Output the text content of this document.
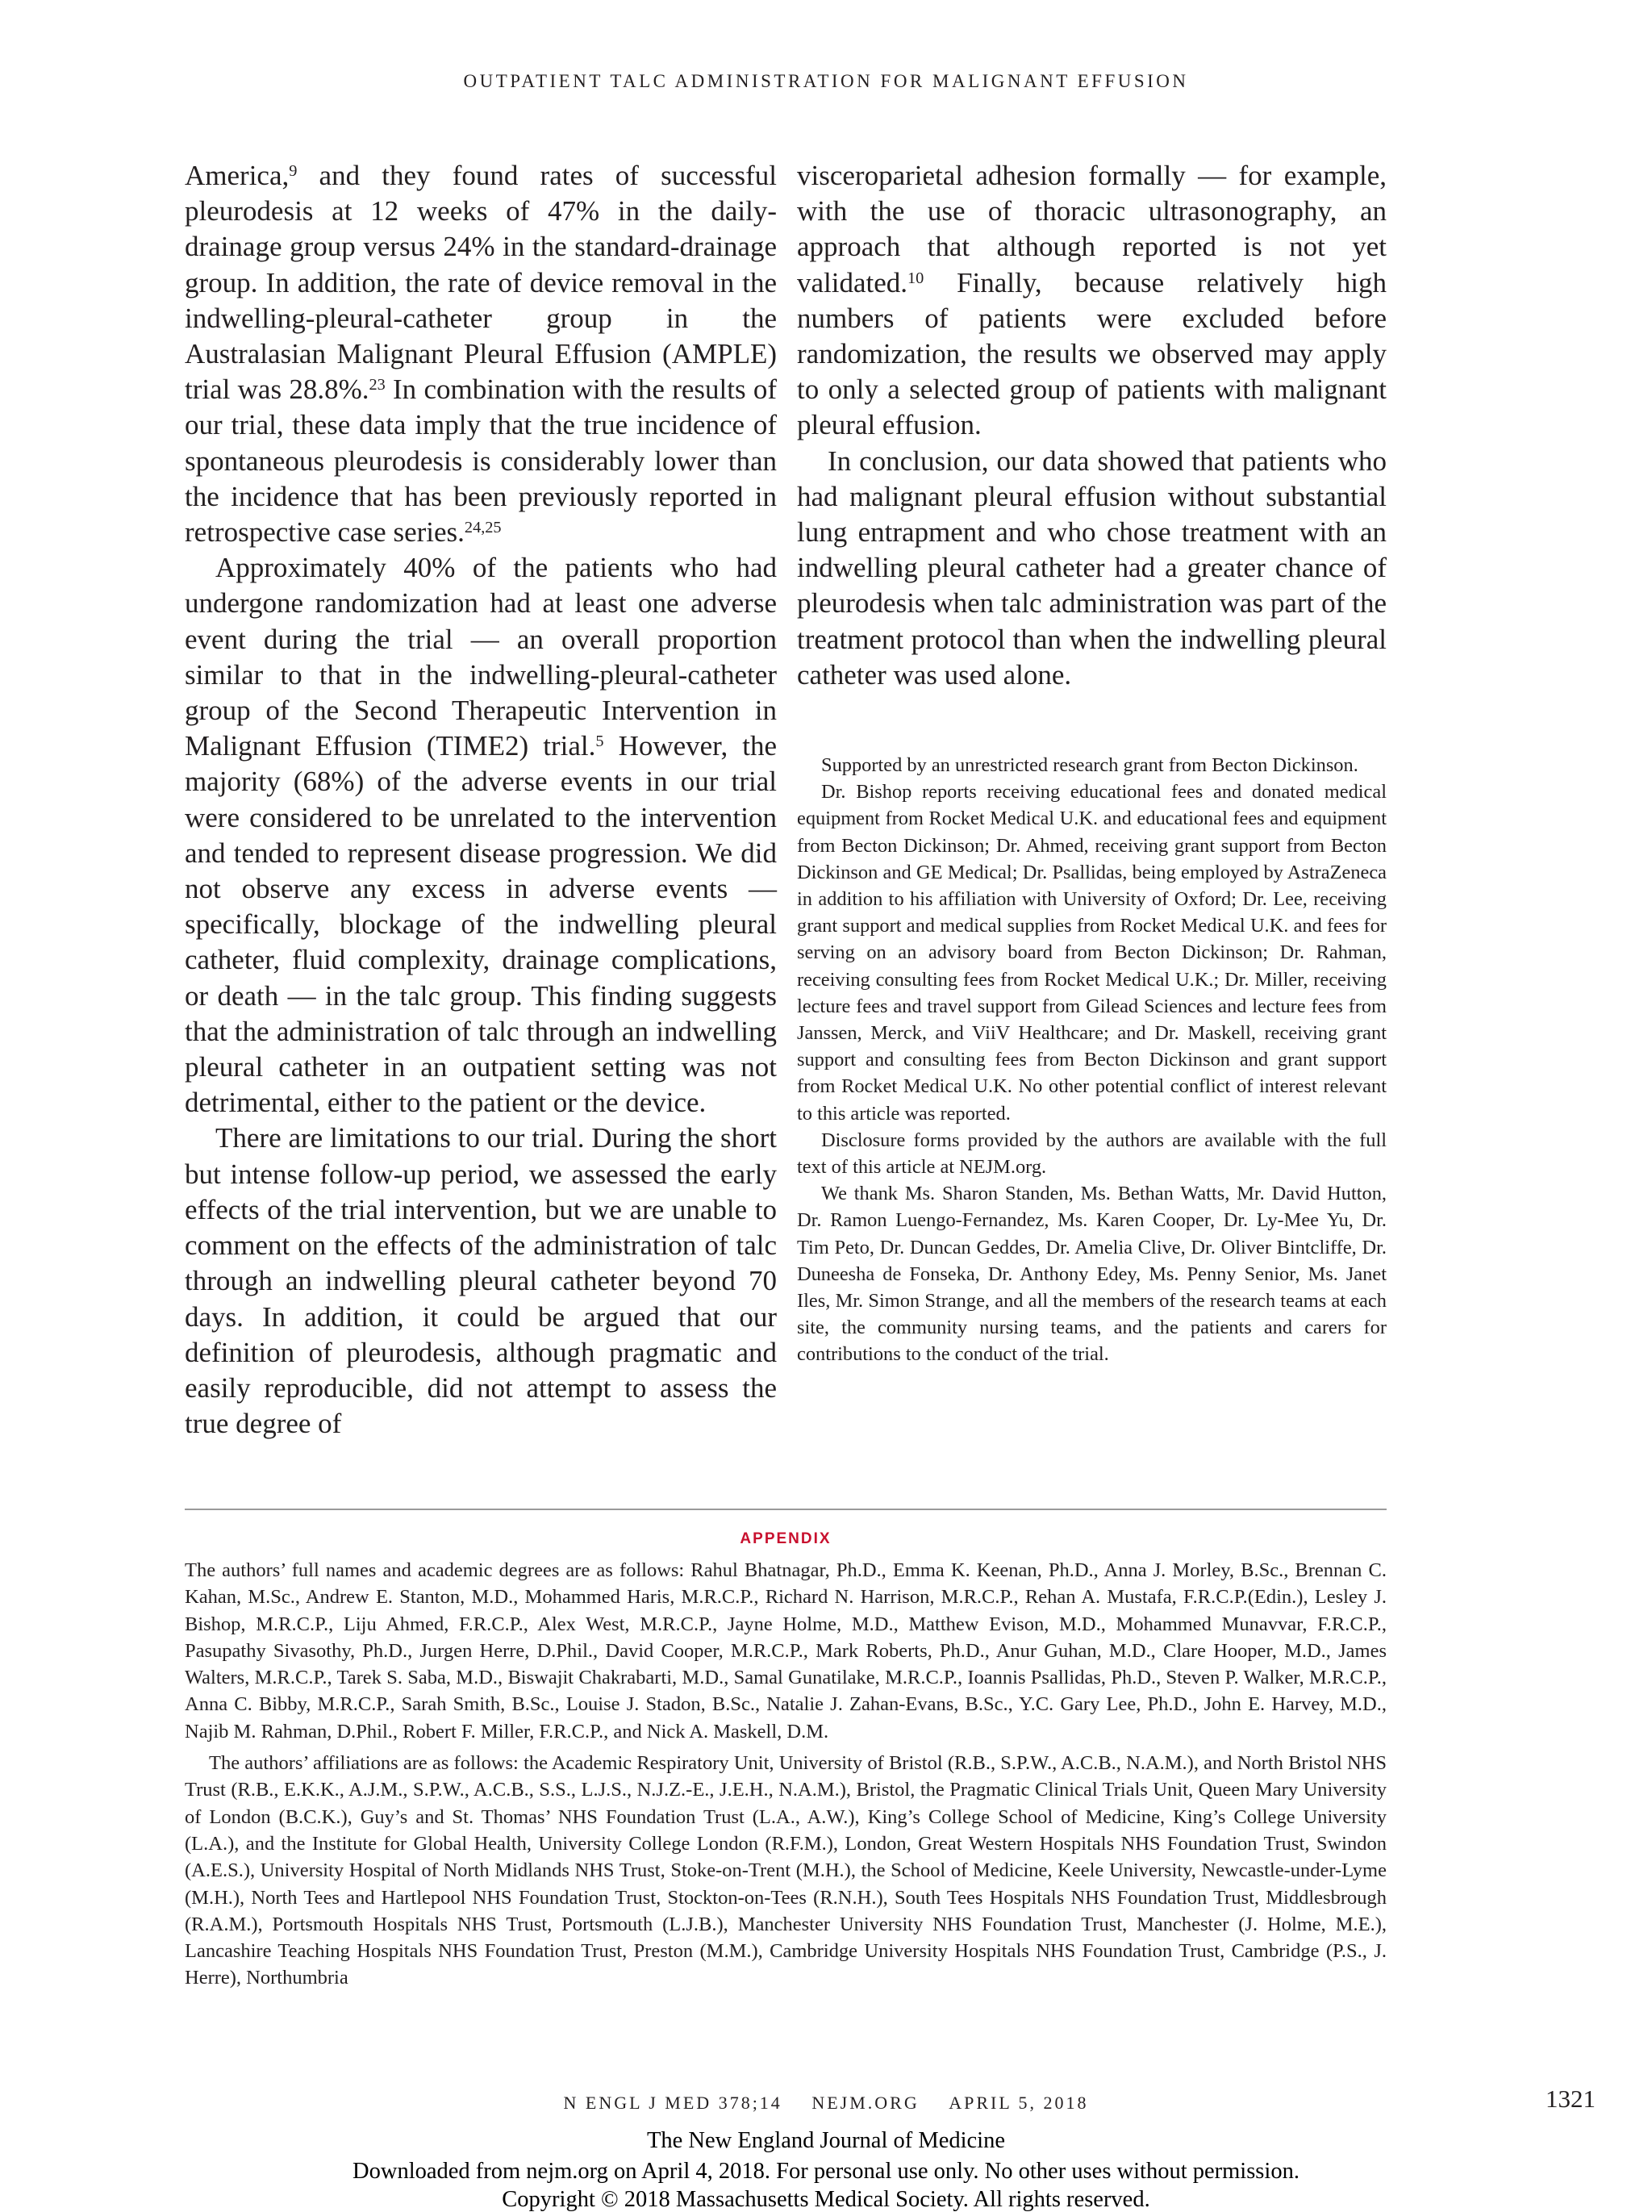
OUTPATIENT TALC ADMINISTRATION FOR MALIGNANT EFFUSION

America,$^9$ and they found rates of successful pleurodesis at 12 weeks of 47% in the daily-drainage group versus 24% in the standard-drainage group. In addition, the rate of device removal in the indwelling-pleural-catheter group in the Australasian Malignant Pleural Effusion (AMPLE) trial was 28.8%.$^{23}$ In combination with the results of our trial, these data imply that the true incidence of spontaneous pleurodesis is considerably lower than the incidence that has been previously reported in retrospective case series.$^{24,25}$

Approximately 40% of the patients who had undergone randomization had at least one adverse event during the trial — an overall proportion similar to that in the indwelling-pleural-catheter group of the Second Therapeutic Intervention in Malignant Effusion (TIME2) trial.$^5$ However, the majority (68%) of the adverse events in our trial were considered to be unrelated to the intervention and tended to represent disease progression. We did not observe any excess in adverse events — specifically, blockage of the indwelling pleural catheter, fluid complexity, drainage complications, or death — in the talc group. This finding suggests that the administration of talc through an indwelling pleural catheter in an outpatient setting was not detrimental, either to the patient or the device.

There are limitations to our trial. During the short but intense follow-up period, we assessed the early effects of the trial intervention, but we are unable to comment on the effects of the administration of talc through an indwelling pleural catheter beyond 70 days. In addition, it could be argued that our definition of pleurodesis, although pragmatic and easily reproducible, did not attempt to assess the true degree of

visceroparietal adhesion formally — for example, with the use of thoracic ultrasonography, an approach that although reported is not yet validated.$^{10}$ Finally, because relatively high numbers of patients were excluded before randomization, the results we observed may apply to only a selected group of patients with malignant pleural effusion.

In conclusion, our data showed that patients who had malignant pleural effusion without substantial lung entrapment and who chose treatment with an indwelling pleural catheter had a greater chance of pleurodesis when talc administration was part of the treatment protocol than when the indwelling pleural catheter was used alone.

Supported by an unrestricted research grant from Becton Dickinson.

Dr. Bishop reports receiving educational fees and donated medical equipment from Rocket Medical U.K. and educational fees and equipment from Becton Dickinson; Dr. Ahmed, receiving grant support from Becton Dickinson and GE Medical; Dr. Psallidas, being employed by AstraZeneca in addition to his affiliation with University of Oxford; Dr. Lee, receiving grant support and medical supplies from Rocket Medical U.K. and fees for serving on an advisory board from Becton Dickinson; Dr. Rahman, receiving consulting fees from Rocket Medical U.K.; Dr. Miller, receiving lecture fees and travel support from Gilead Sciences and lecture fees from Janssen, Merck, and ViiV Healthcare; and Dr. Maskell, receiving grant support and consulting fees from Becton Dickinson and grant support from Rocket Medical U.K. No other potential conflict of interest relevant to this article was reported.

Disclosure forms provided by the authors are available with the full text of this article at NEJM.org.

We thank Ms. Sharon Standen, Ms. Bethan Watts, Mr. David Hutton, Dr. Ramon Luengo-Fernandez, Ms. Karen Cooper, Dr. Ly-Mee Yu, Dr. Tim Peto, Dr. Duncan Geddes, Dr. Amelia Clive, Dr. Oliver Bintcliffe, Dr. Duneesha de Fonseka, Dr. Anthony Edey, Ms. Penny Senior, Ms. Janet Iles, Mr. Simon Strange, and all the members of the research teams at each site, the community nursing teams, and the patients and carers for contributions to the conduct of the trial.

APPENDIX

The authors’ full names and academic degrees are as follows: Rahul Bhatnagar, Ph.D., Emma K. Keenan, Ph.D., Anna J. Morley, B.Sc., Brennan C. Kahan, M.Sc., Andrew E. Stanton, M.D., Mohammed Haris, M.R.C.P., Richard N. Harrison, M.R.C.P., Rehan A. Mustafa, F.R.C.P.(Edin.), Lesley J. Bishop, M.R.C.P., Liju Ahmed, F.R.C.P., Alex West, M.R.C.P., Jayne Holme, M.D., Matthew Evison, M.D., Mohammed Munavvar, F.R.C.P., Pasupathy Sivasothy, Ph.D., Jurgen Herre, D.Phil., David Cooper, M.R.C.P., Mark Roberts, Ph.D., Anur Guhan, M.D., Clare Hooper, M.D., James Walters, M.R.C.P., Tarek S. Saba, M.D., Biswajit Chakrabarti, M.D., Samal Gunatilake, M.R.C.P., Ioannis Psallidas, Ph.D., Steven P. Walker, M.R.C.P., Anna C. Bibby, M.R.C.P., Sarah Smith, B.Sc., Louise J. Stadon, B.Sc., Natalie J. Zahan-Evans, B.Sc., Y.C. Gary Lee, Ph.D., John E. Harvey, M.D., Najib M. Rahman, D.Phil., Robert F. Miller, F.R.C.P., and Nick A. Maskell, D.M.

The authors’ affiliations are as follows: the Academic Respiratory Unit, University of Bristol (R.B., S.P.W., A.C.B., N.A.M.), and North Bristol NHS Trust (R.B., E.K.K., A.J.M., S.P.W., A.C.B., S.S., L.J.S., N.J.Z.-E., J.E.H., N.A.M.), Bristol, the Pragmatic Clinical Trials Unit, Queen Mary University of London (B.C.K.), Guy’s and St. Thomas’ NHS Foundation Trust (L.A., A.W.), King’s College School of Medicine, King’s College University (L.A.), and the Institute for Global Health, University College London (R.F.M.), London, Great Western Hospitals NHS Foundation Trust, Swindon (A.E.S.), University Hospital of North Midlands NHS Trust, Stoke-on-Trent (M.H.), the School of Medicine, Keele University, Newcastle-under-Lyme (M.H.), North Tees and Hartlepool NHS Foundation Trust, Stockton-on-Tees (R.N.H.), South Tees Hospitals NHS Foundation Trust, Middlesbrough (R.A.M.), Portsmouth Hospitals NHS Trust, Portsmouth (L.J.B.), Manchester University NHS Foundation Trust, Manchester (J. Holme, M.E.), Lancashire Teaching Hospitals NHS Foundation Trust, Preston (M.M.), Cambridge University Hospitals NHS Foundation Trust, Cambridge (P.S., J. Herre), Northumbria

N ENGL J MED 378;14 NEJM.ORG APRIL 5, 2018	1321
The New England Journal of Medicine
Downloaded from nejm.org on April 4, 2018. For personal use only. No other uses without permission.
Copyright © 2018 Massachusetts Medical Society. All rights reserved.
